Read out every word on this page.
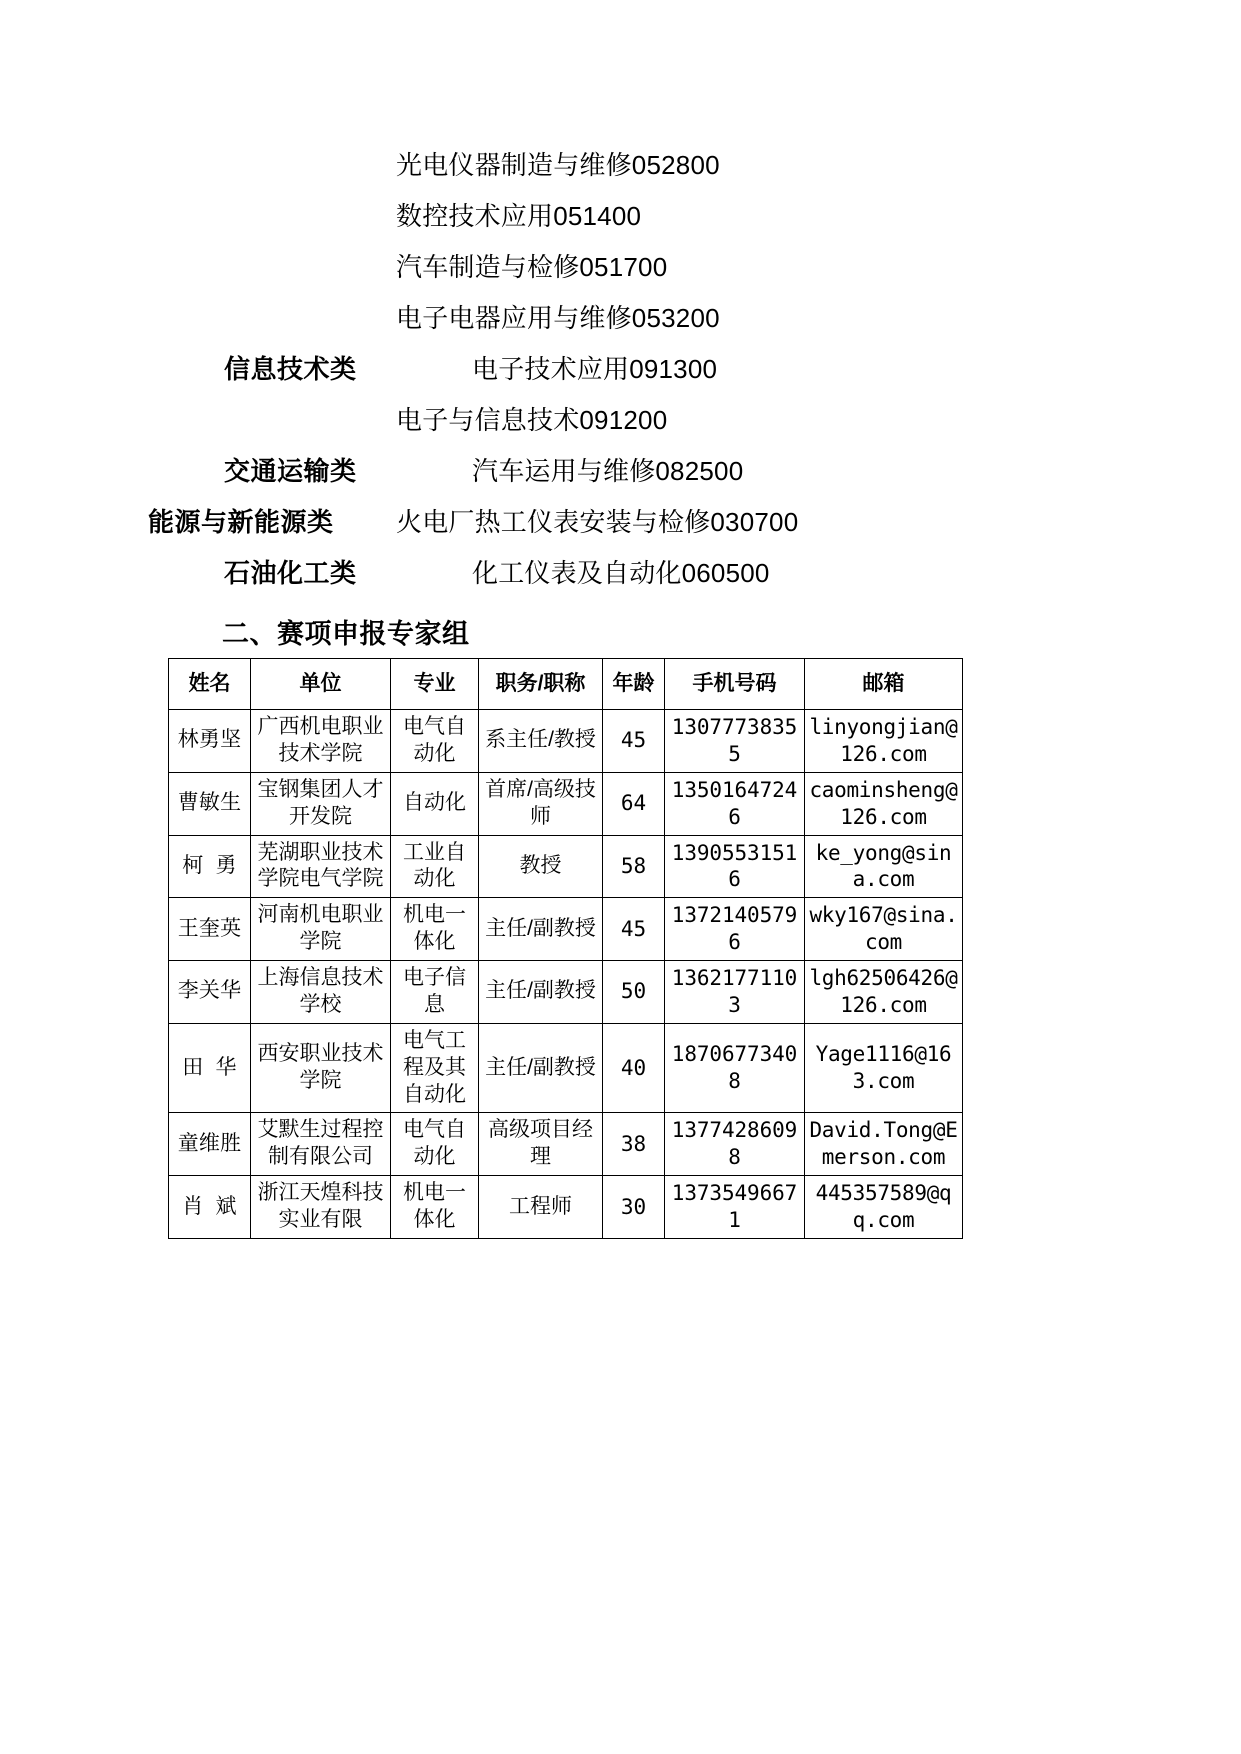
光电仪器制造与维修052800
数控技术应用051400
汽车制造与检修051700
电子电器应用与维修053200
信息技术类	电子技术应用091300
电子与信息技术091200
交通运输类	汽车运用与维修082500
能源与新能源类	火电厂热工仪表安装与检修030700
石油化工类	化工仪表及自动化060500
二、赛项申报专家组
姓名	单位	专业	职务/职称	年龄	手机号码	邮箱
林勇坚	广西机电职业技术学院	电气自动化	系主任/教授	45	13077738355	linyongjian@126.com
曹敏生	宝钢集团人才开发院	自动化	首席/高级技师	64	13501647246	caominsheng@126.com
柯  勇	芜湖职业技术学院电气学院	工业自动化	教授	58	13905531516	ke_yong@sina.com
王奎英	河南机电职业学院	机电一体化	主任/副教授	45	13721405796	wky167@sina.com
李关华	上海信息技术学校	电子信息	主任/副教授	50	13621771103	lgh62506426@126.com
田  华	西安职业技术学院	电气工程及其自动化	主任/副教授	40	18706773408	Yage1116@163.com
童维胜	艾默生过程控制有限公司	电气自动化	高级项目经理	38	13774286098	David.Tong@Emerson.com
肖  斌	浙江天煌科技实业有限	机电一体化	工程师	30	13735496671	445357589@qq.com
